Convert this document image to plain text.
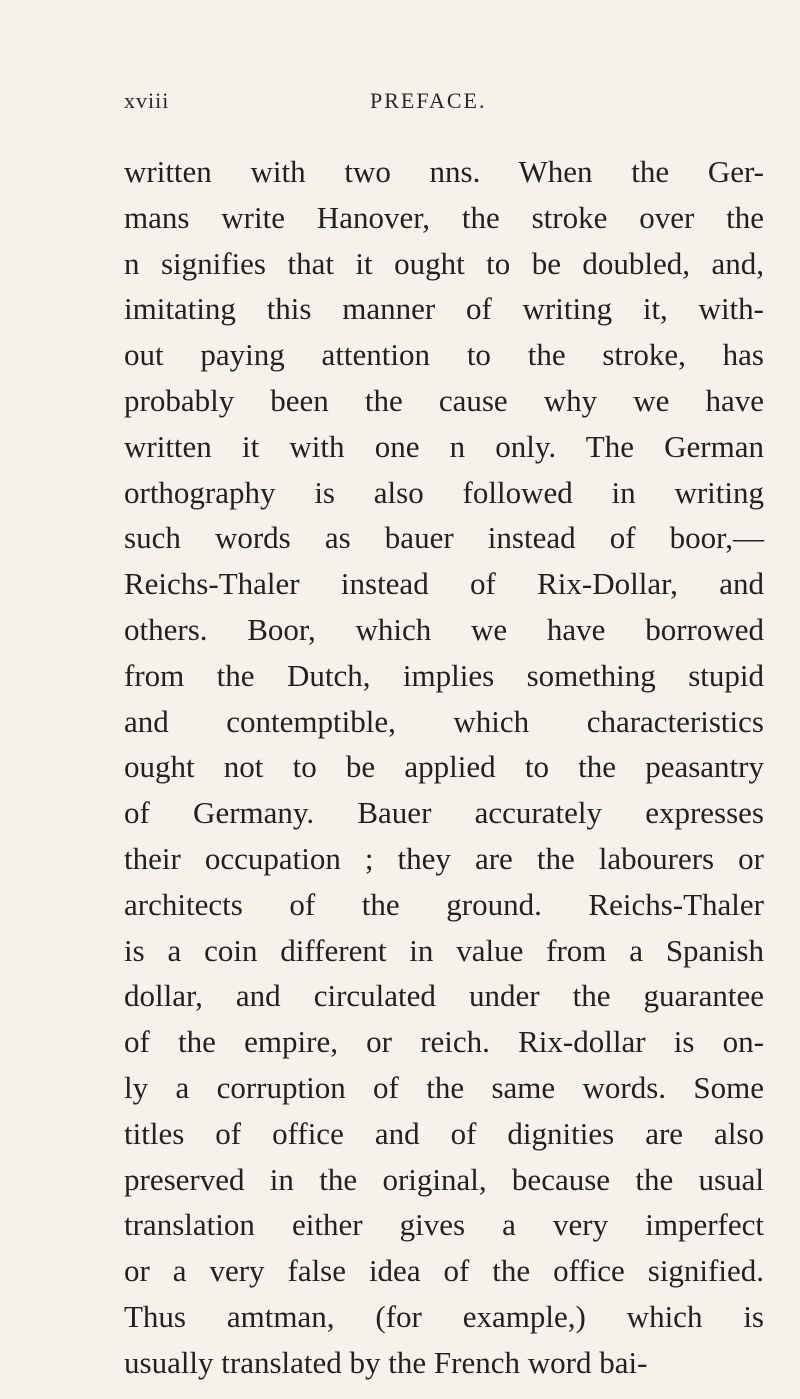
xviii	PREFACE.
written with two nns. When the Ger-
mans write Hanover, the stroke over the
n signifies that it ought to be doubled, and,
imitating this manner of writing it, with-
out paying attention to the stroke, has
probably been the cause why we have
written it with one n only. The German
orthography is also followed in writing
such words as bauer instead of boor,—
Reichs-Thaler instead of Rix-Dollar, and
others. Boor, which we have borrowed
from the Dutch, implies something stupid
and contemptible, which characteristics
ought not to be applied to the peasantry
of Germany. Bauer accurately expresses
their occupation ; they are the labourers or
architects of the ground. Reichs-Thaler
is a coin different in value from a Spanish
dollar, and circulated under the guarantee
of the empire, or reich. Rix-dollar is on-
ly a corruption of the same words. Some
titles of office and of dignities are also
preserved in the original, because the usual
translation either gives a very imperfect
or a very false idea of the office signified.
Thus amtman, (for example,) which is
usually translated by the French word bai-
